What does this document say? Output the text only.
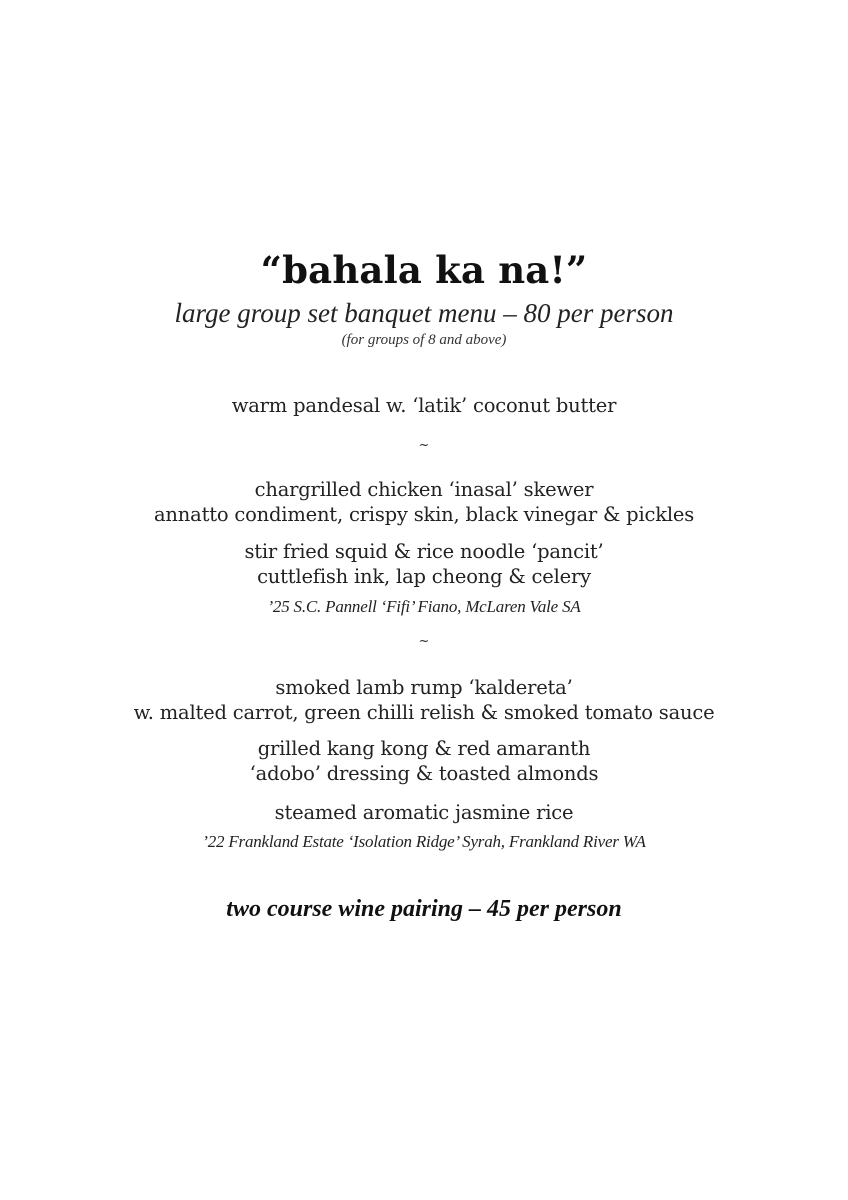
“bahala ka na!”
large group set banquet menu – 80 per person
(for groups of 8 and above)
warm pandesal w. ‘latik’ coconut butter
~
chargrilled chicken ‘inasal’ skewer
annatto condiment, crispy skin, black vinegar & pickles
stir fried squid & rice noodle ‘pancit’
cuttlefish ink, lap cheong & celery
’25 S.C. Pannell ‘Fifi’ Fiano, McLaren Vale SA
~
smoked lamb rump ‘kaldereta’
w. malted carrot, green chilli relish & smoked tomato sauce
grilled kang kong & red amaranth
‘adobo’ dressing & toasted almonds
steamed aromatic jasmine rice
’22 Frankland Estate ‘Isolation Ridge’ Syrah, Frankland River WA
two course wine pairing – 45 per person
